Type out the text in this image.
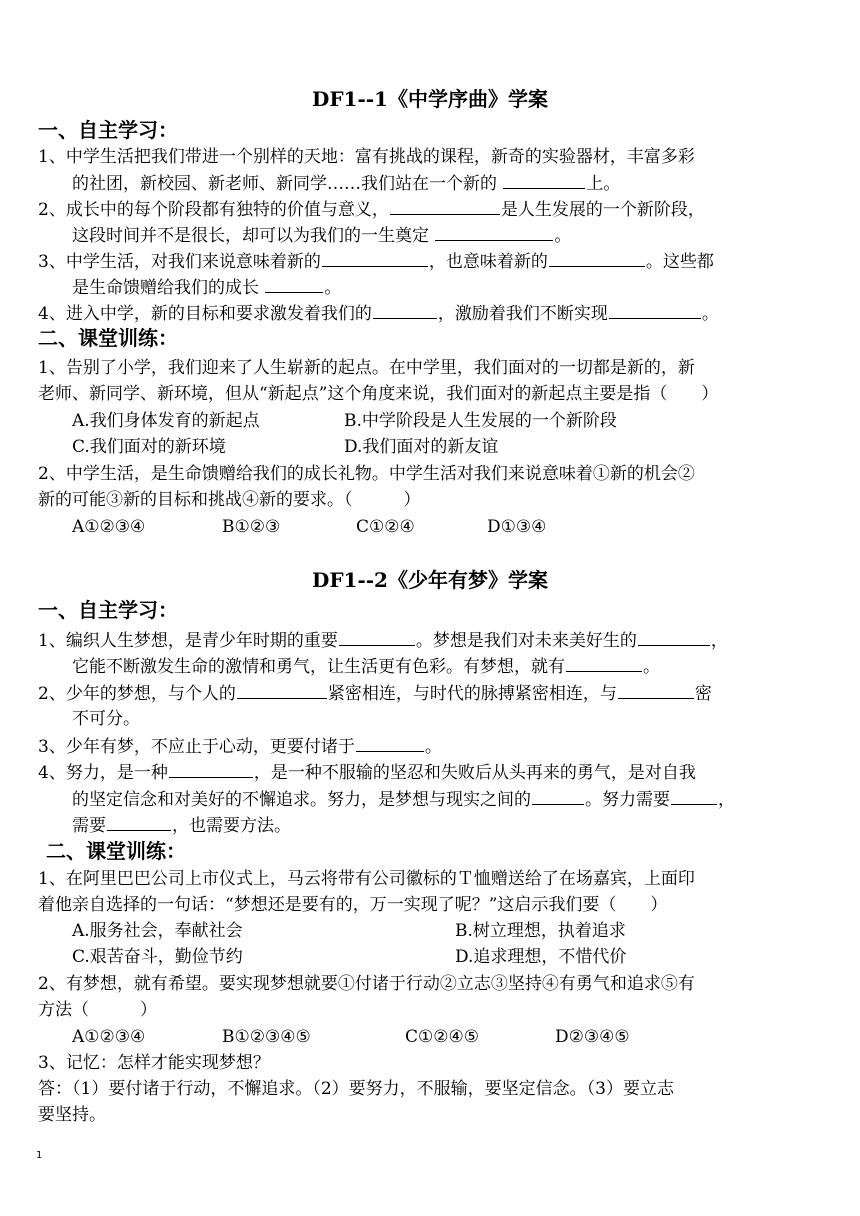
DF1--1《中学序曲》学案
一、自主学习：
1、中学生活把我们带进一个别样的天地：富有挑战的课程，新奇的实验器材，丰富多彩
的社团，新校园、新老师、新同学……我们站在一个新的	上。
2、成长中的每个阶段都有独特的价值与意义，	是人生发展的一个新阶段，
这段时间并不是很长，却可以为我们的一生奠定	。
3、中学生活，对我们来说意味着新的	，也意味着新的	。这些都
是生命馈赠给我们的成长	。
4、进入中学，新的目标和要求激发着我们的	，激励着我们不断实现	。
二、课堂训练：
1、告别了小学，我们迎来了人生崭新的起点。在中学里，我们面对的一切都是新的，新
老师、新同学、新环境，但从“新起点”这个角度来说，我们面对的新起点主要是指（　　）
A.我们身体发育的新起点	B.中学阶段是人生发展的一个新阶段
C.我们面对的新环境	D.我们面对的新友谊
2、中学生活，是生命馈赠给我们的成长礼物。中学生活对我们来说意味着①新的机会②
新的可能③新的目标和挑战④新的要求。（　　　）
A①②③④	B①②③	C①②④	D①③④
DF1--2《少年有梦》学案
一、自主学习：
1、编织人生梦想，是青少年时期的重要	。梦想是我们对未来美好生的	，
它能不断激发生命的激情和勇气，让生活更有色彩。有梦想，就有	。
2、少年的梦想，与个人的	紧密相连，与时代的脉搏紧密相连，与	密
不可分。
3、少年有梦，不应止于心动，更要付诸于	。
4、努力，是一种	，是一种不服输的坚忍和失败后从头再来的勇气，是对自我
的坚定信念和对美好的不懈追求。努力，是梦想与现实之间的	。努力需要	，
需要	，也需要方法。
二、课堂训练：
1、在阿里巴巴公司上市仪式上，马云将带有公司徽标的Ｔ恤赠送给了在场嘉宾，上面印
着他亲自选择的一句话：“梦想还是要有的，万一实现了呢？”这启示我们要（　　）
A.服务社会，奉献社会	B.树立理想，执着追求
C.艰苦奋斗，勤俭节约	D.追求理想，不惜代价
2、有梦想，就有希望。要实现梦想就要①付诸于行动②立志③坚持④有勇气和追求⑤有
方法（　　　）
A①②③④	B①②③④⑤	C①②④⑤	D②③④⑤
3、记忆：怎样才能实现梦想？
答：（1）要付诸于行动，不懈追求。（2）要努力，不服输，要坚定信念。（3）要立志
要坚持。
1
